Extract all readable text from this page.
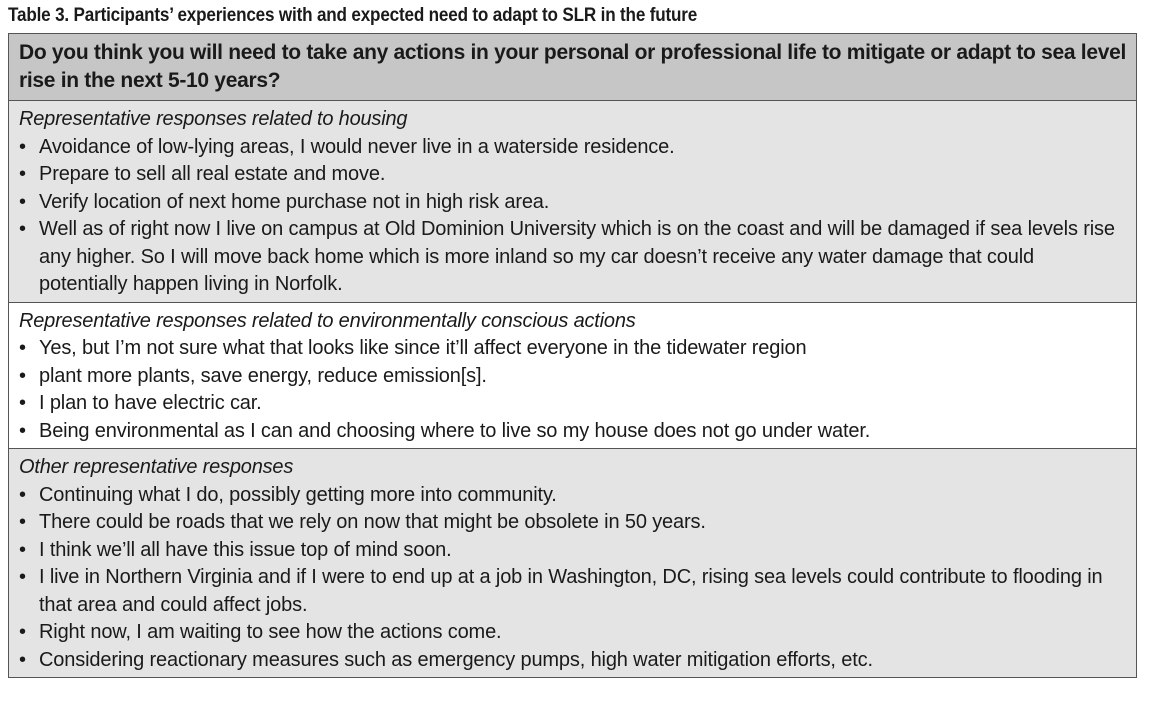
Table 3. Participants’ experiences with and expected need to adapt to SLR in the future
Do you think you will need to take any actions in your personal or professional life to mitigate or adapt to sea level rise in the next 5-10 years?
Representative responses related to housing
• Avoidance of low-lying areas, I would never live in a waterside residence.
• Prepare to sell all real estate and move.
• Verify location of next home purchase not in high risk area.
• Well as of right now I live on campus at Old Dominion University which is on the coast and will be damaged if sea levels rise any higher. So I will move back home which is more inland so my car doesn’t receive any water damage that could potentially happen living in Norfolk.
Representative responses related to environmentally conscious actions
• Yes, but I’m not sure what that looks like since it’ll affect everyone in the tidewater region
• plant more plants, save energy, reduce emission[s].
• I plan to have electric car.
• Being environmental as I can and choosing where to live so my house does not go under water.
Other representative responses
• Continuing what I do, possibly getting more into community.
• There could be roads that we rely on now that might be obsolete in 50 years.
• I think we’ll all have this issue top of mind soon.
• I live in Northern Virginia and if I were to end up at a job in Washington, DC, rising sea levels could contribute to flooding in that area and could affect jobs.
• Right now, I am waiting to see how the actions come.
• Considering reactionary measures such as emergency pumps, high water mitigation efforts, etc.
